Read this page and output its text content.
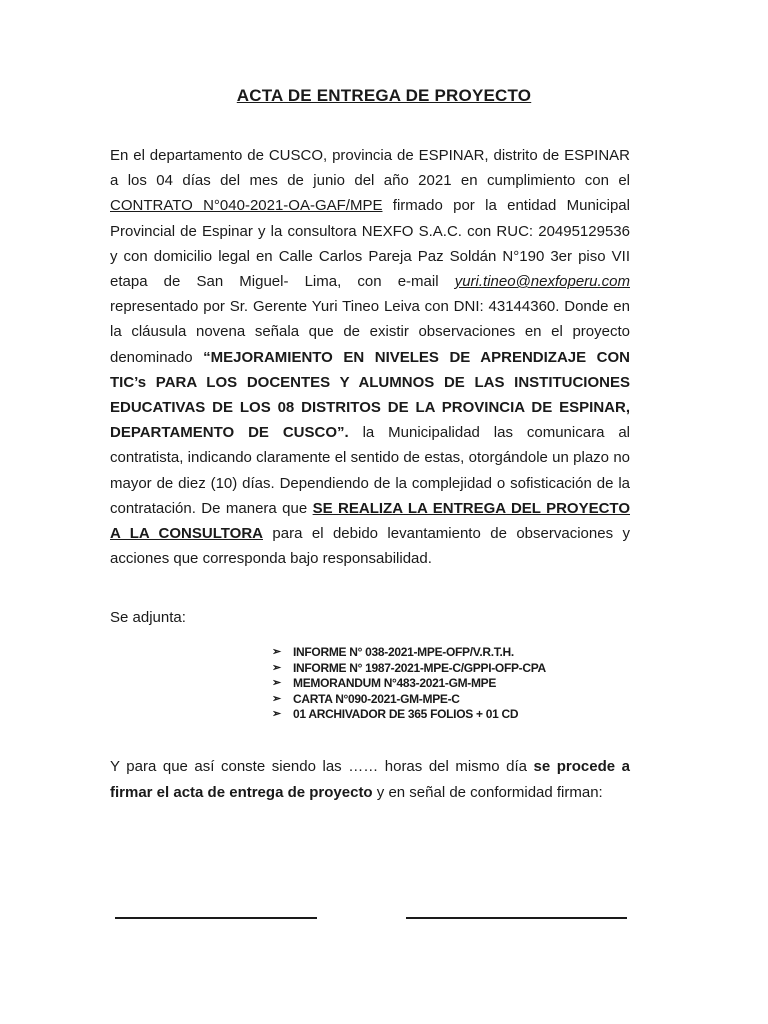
ACTA DE ENTREGA DE PROYECTO

En el departamento de CUSCO, provincia de ESPINAR, distrito de ESPINAR a los 04 días del mes de junio del año 2021 en cumplimiento con el CONTRATO N°040-2021-OA-GAF/MPE firmado por la entidad Municipal Provincial de Espinar y la consultora NEXFO S.A.C. con RUC: 20495129536 y con domicilio legal en Calle Carlos Pareja Paz Soldán N°190 3er piso VII etapa de San Miguel- Lima, con e-mail yuri.tineo@nexfoperu.com representado por Sr. Gerente Yuri Tineo Leiva con DNI: 43144360. Donde en la cláusula novena señala que de existir observaciones en el proyecto denominado “MEJORAMIENTO EN NIVELES DE APRENDIZAJE CON TIC’s PARA LOS DOCENTES Y ALUMNOS DE LAS INSTITUCIONES EDUCATIVAS DE LOS 08 DISTRITOS DE LA PROVINCIA DE ESPINAR, DEPARTAMENTO DE CUSCO”. la Municipalidad las comunicara al contratista, indicando claramente el sentido de estas, otorgándole un plazo no mayor de diez (10) días. Dependiendo de la complejidad o sofisticación de la contratación. De manera que SE REALIZA LA ENTREGA DEL PROYECTO A LA CONSULTORA para el debido levantamiento de observaciones y acciones que corresponda bajo responsabilidad.

Se adjunta:
➢	INFORME N° 038-2021-MPE-OFP/V.R.T.H.
➢	INFORME N° 1987-2021-MPE-C/GPPI-OFP-CPA
➢	MEMORANDUM N°483-2021-GM-MPE
➢	CARTA N°090-2021-GM-MPE-C
➢	01 ARCHIVADOR DE 365 FOLIOS + 01 CD
Y para que así conste siendo las …… horas del mismo día se procede a firmar el acta de entrega de proyecto y en señal de conformidad firman:
